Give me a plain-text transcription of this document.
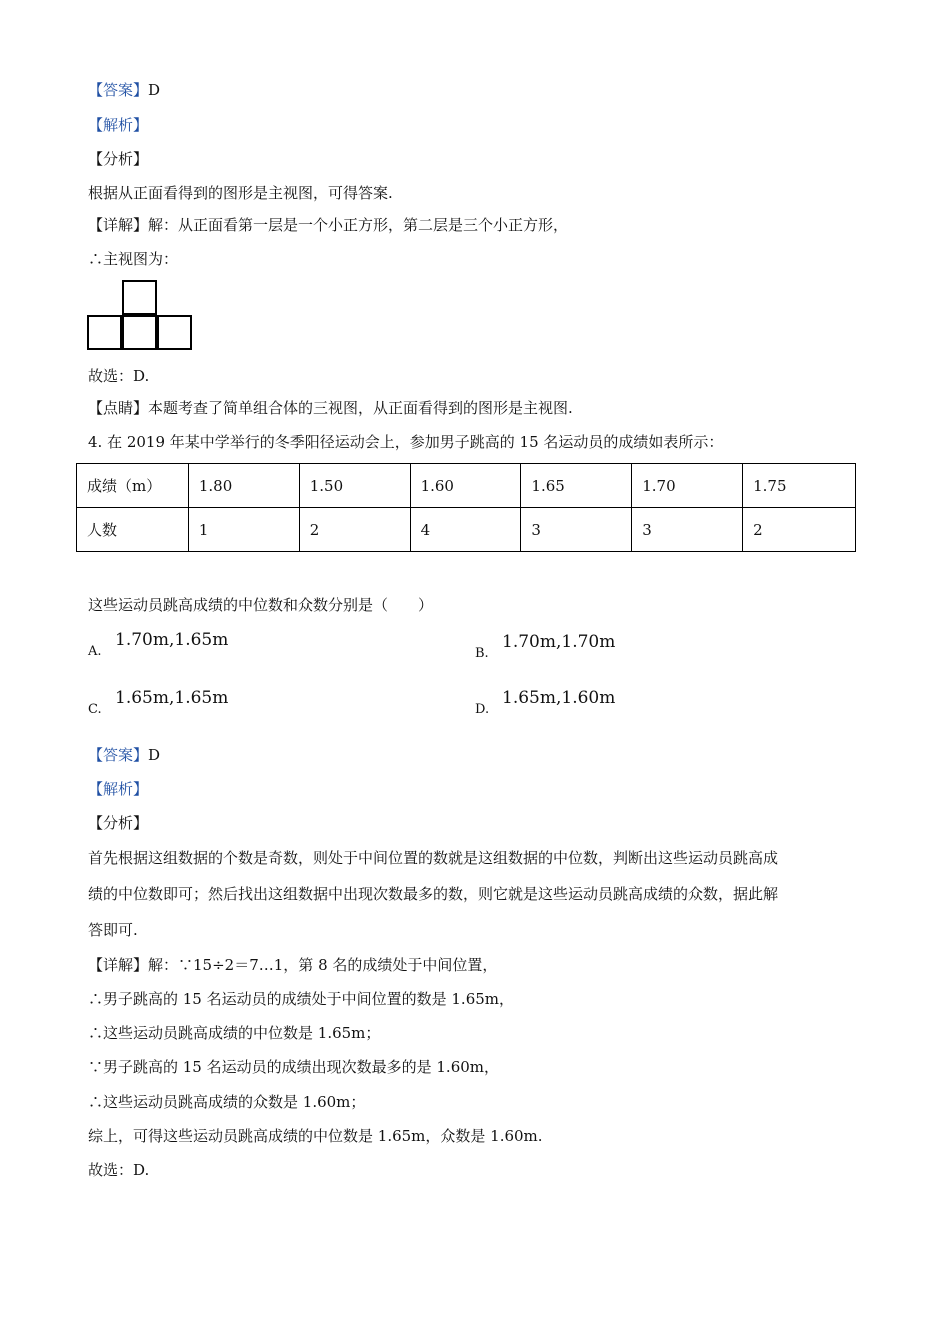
【答案】D
【解析】
【分析】
根据从正面看得到的图形是主视图，可得答案.
【详解】解：从正面看第一层是一个小正方形，第二层是三个小正方形，
∴主视图为：
故选：D.
【点睛】本题考查了简单组合体的三视图，从正面看得到的图形是主视图.
4. 在 2019 年某中学举行的冬季阳径运动会上，参加男子跳高的 15 名运动员的成绩如表所示：
成绩（m）	1.80	1.50	1.60	1.65	1.70	1.75
人数	1	2	4	3	3	2
这些运动员跳高成绩的中位数和众数分别是（　　）
A.
1.70m,1.65m
B.
1.70m,1.70m
C.
1.65m,1.65m
D.
1.65m,1.60m
【答案】D
【解析】
【分析】
首先根据这组数据的个数是奇数，则处于中间位置的数就是这组数据的中位数，判断出这些运动员跳高成
绩的中位数即可；然后找出这组数据中出现次数最多的数，则它就是这些运动员跳高成绩的众数，据此解
答即可.
【详解】解：∵15÷2＝7…1，第 8 名的成绩处于中间位置，
∴男子跳高的 15 名运动员的成绩处于中间位置的数是 1.65m，
∴这些运动员跳高成绩的中位数是 1.65m；
∵男子跳高的 15 名运动员的成绩出现次数最多的是 1.60m，
∴这些运动员跳高成绩的众数是 1.60m；
综上，可得这些运动员跳高成绩的中位数是 1.65m，众数是 1.60m.
故选：D.
